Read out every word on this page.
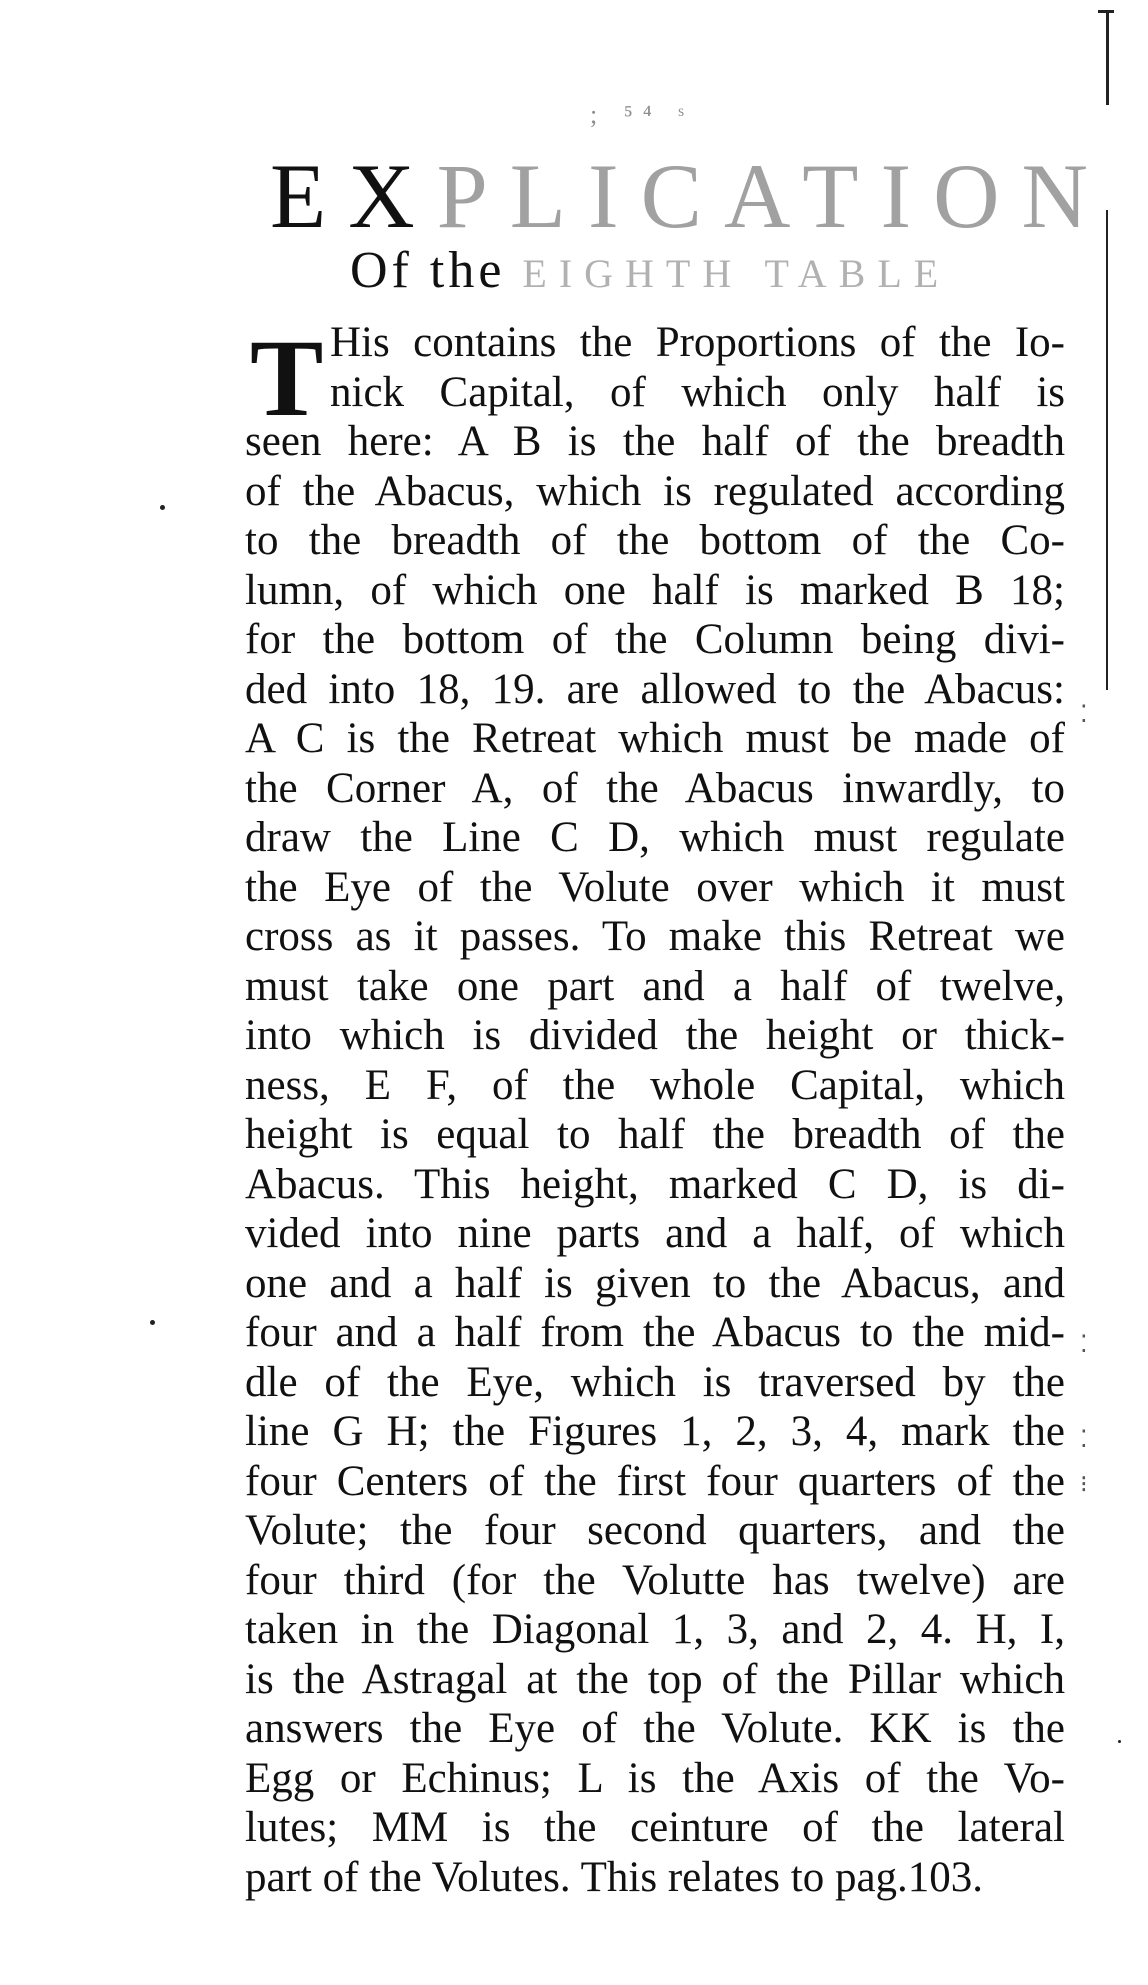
; ⁵⁴ ˢ
EXPLICATION
Of the EIGHTH TABLE
T His contains the Proportions of the Io-
nick Capital, of which only half is
seen here: A B is the half of the breadth
of the Abacus, which is regulated according
to the breadth of the bottom of the Co-
lumn, of which one half is marked B 18;
for the bottom of the Column being divi-
ded into 18, 19. are allowed to the Abacus:
A C is the Retreat which must be made of
the Corner A, of the Abacus inwardly, to
draw the Line C D, which must regulate
the Eye of the Volute over which it must
cross as it passes. To make this Retreat we
must take one part and a half of twelve,
into which is divided the height or thick-
ness, E F, of the whole Capital, which
height is equal to half the breadth of the
Abacus. This height, marked C D, is di-
vided into nine parts and a half, of which
one and a half is given to the Abacus, and
four and a half from the Abacus to the mid-
dle of the Eye, which is traversed by the
line G H; the Figures 1, 2, 3, 4, mark the
four Centers of the first four quarters of the
Volute; the four second quarters, and the
four third (for the Volutte has twelve) are
taken in the Diagonal 1, 3, and 2, 4. H, I,
is the Astragal at the top of the Pillar which
answers the Eye of the Volute. KK is the
Egg or Echinus; L is the Axis of the Vo-
lutes; MM is the ceinture of the lateral
part of the Volutes. This relates to pag.103.
⁚
⁚
⁚
⁝
